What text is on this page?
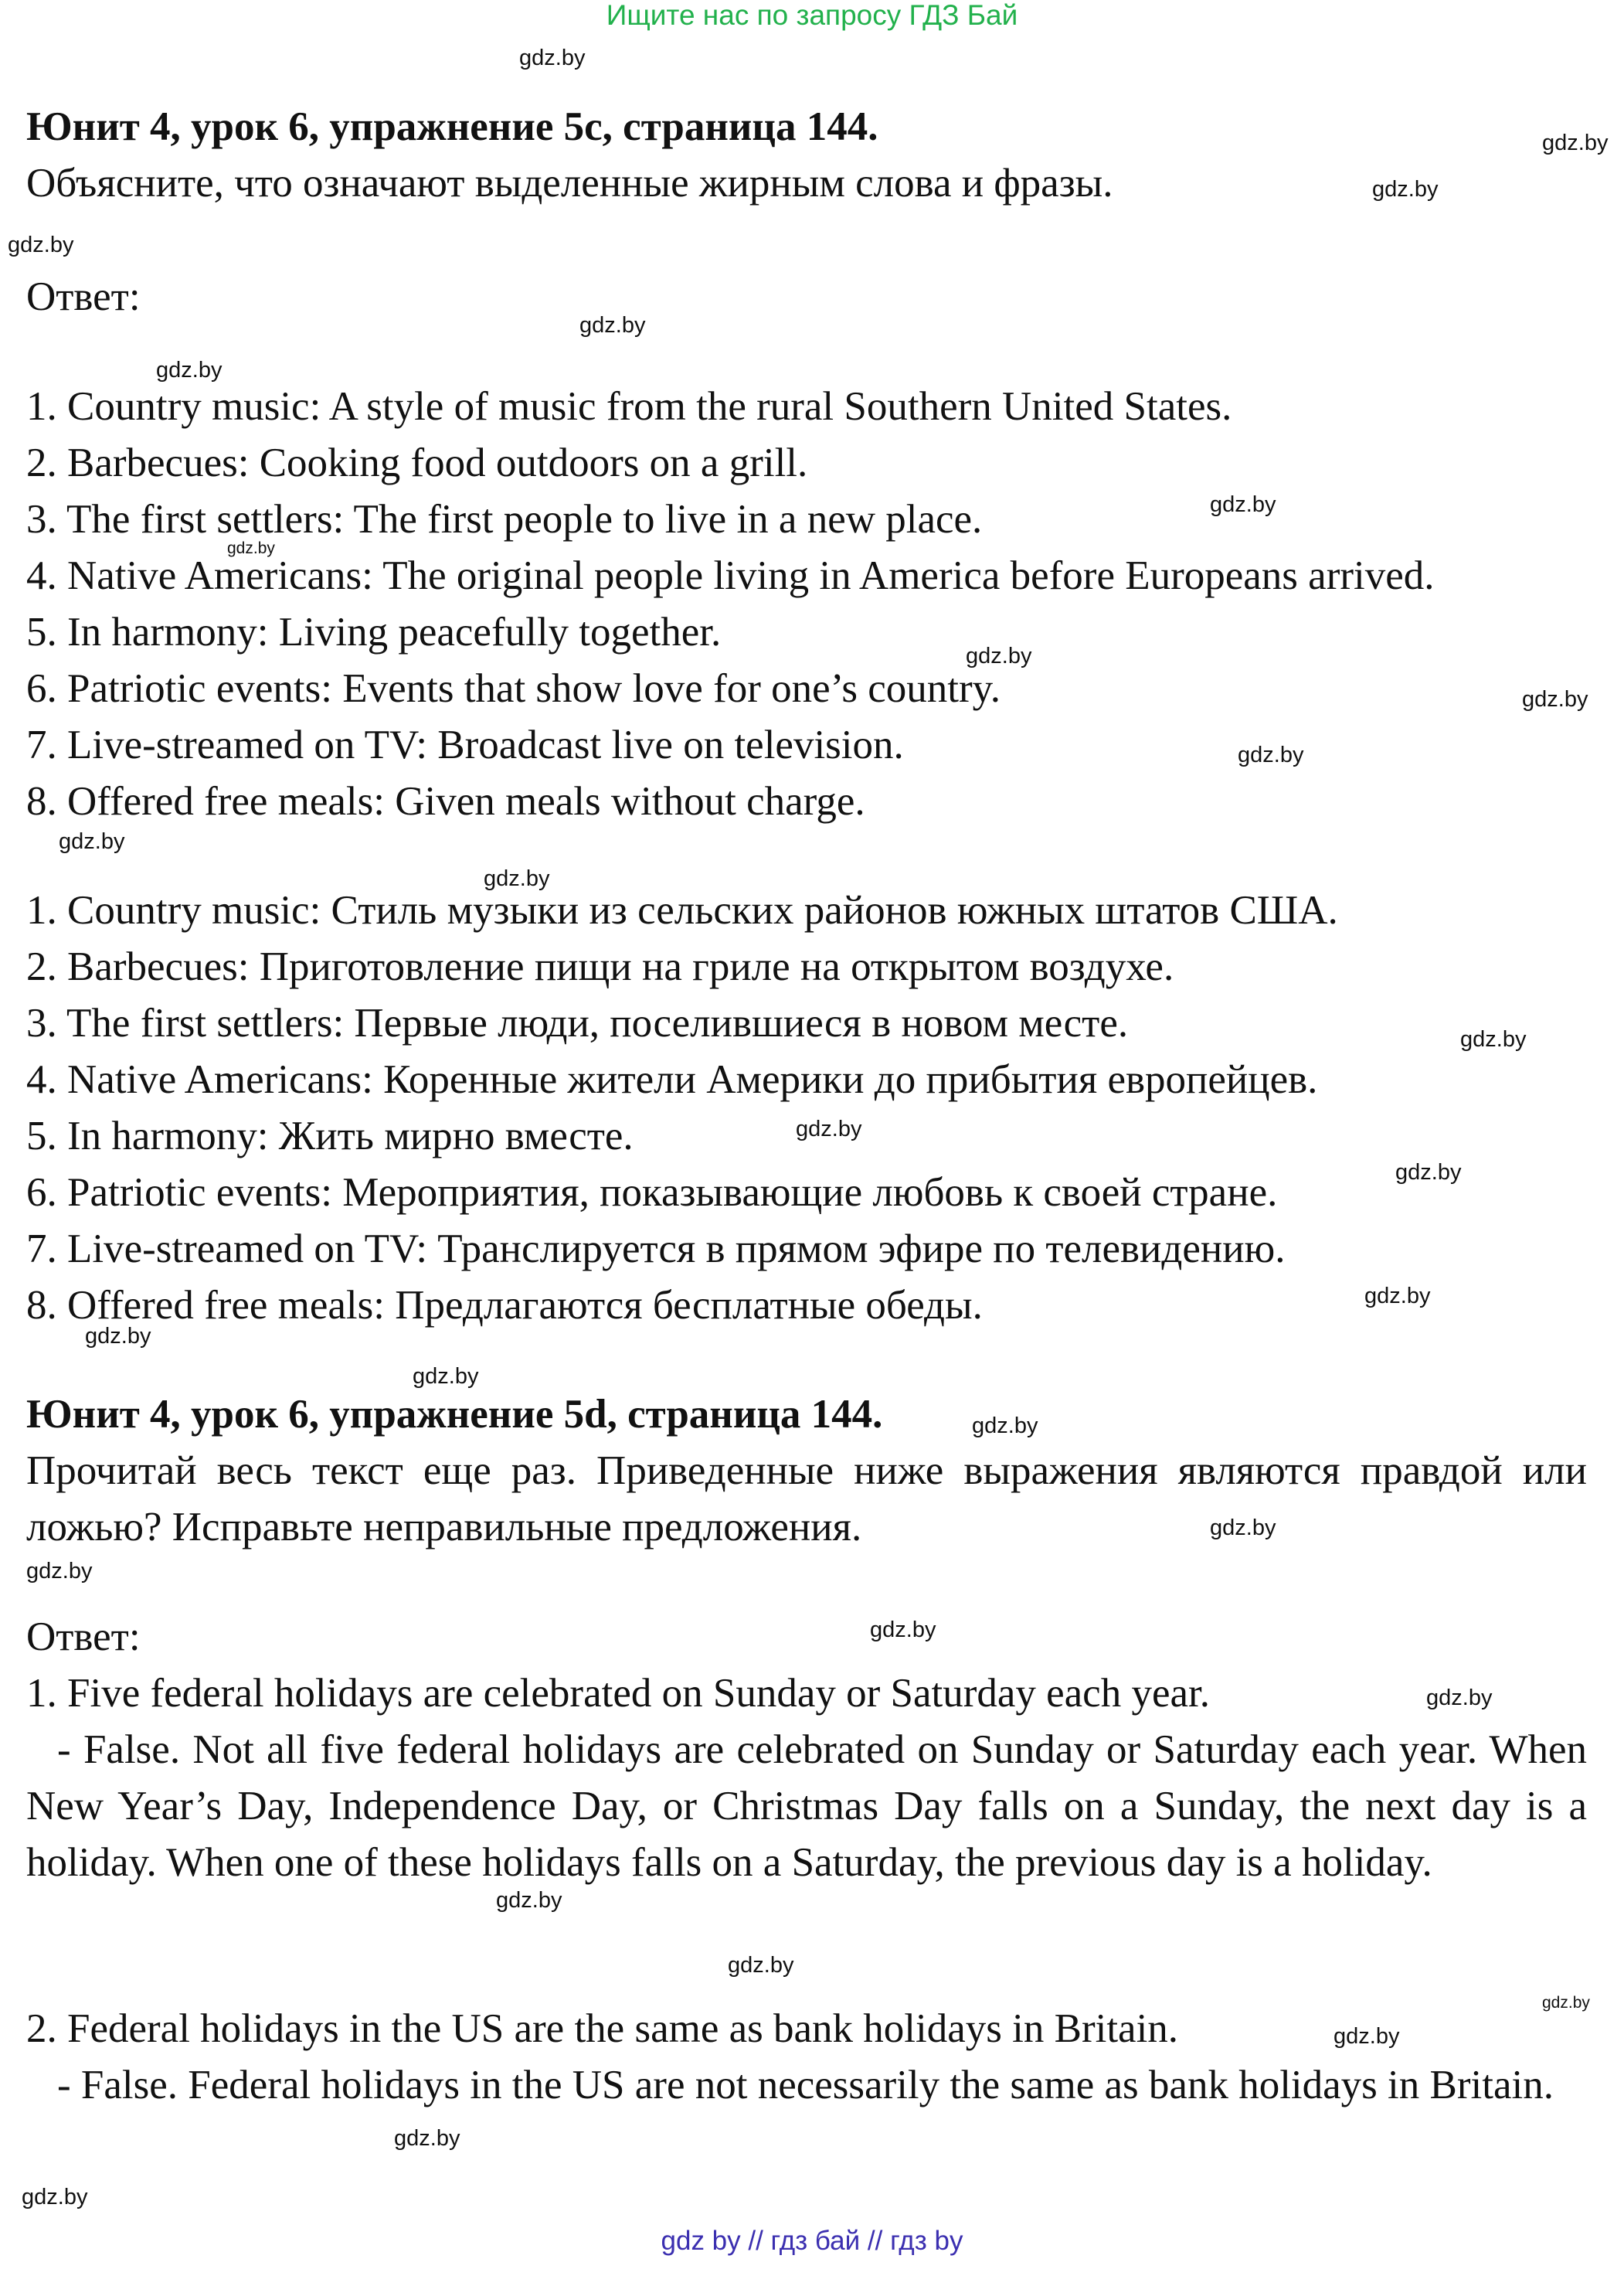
Ищите нас по запросу ГДЗ Бай
Юнит 4, урок 6, упражнение 5c, страница 144.
Объясните, что означают выделенные жирным слова и фразы.
Ответ:
1. Country music: A style of music from the rural Southern United States.
2. Barbecues: Cooking food outdoors on a grill.
3. The first settlers: The first people to live in a new place.
4. Native Americans: The original people living in America before Europeans arrived.
5. In harmony: Living peacefully together.
6. Patriotic events: Events that show love for one’s country.
7. Live-streamed on TV: Broadcast live on television.
8. Offered free meals: Given meals without charge.
1. Country music: Стиль музыки из сельских районов южных штатов США.
2. Barbecues: Приготовление пищи на гриле на открытом воздухе.
3. The first settlers: Первые люди, поселившиеся в новом месте.
4. Native Americans: Коренные жители Америки до прибытия европейцев.
5. In harmony: Жить мирно вместе.
6. Patriotic events: Мероприятия, показывающие любовь к своей стране.
7. Live-streamed on TV: Транслируется в прямом эфире по телевидению.
8. Offered free meals: Предлагаются бесплатные обеды.
Юнит 4, урок 6, упражнение 5d, страница 144.
Прочитай весь текст еще раз. Приведенные ниже выражения являются правдой или ложью? Исправьте неправильные предложения.
Ответ:
1. Five federal holidays are celebrated on Sunday or Saturday each year.
- False. Not all five federal holidays are celebrated on Sunday or Saturday each year. When New Year’s Day, Independence Day, or Christmas Day falls on a Sunday, the next day is a holiday. When one of these holidays falls on a Saturday, the previous day is a holiday.
2. Federal holidays in the US are the same as bank holidays in Britain.
- False. Federal holidays in the US are not necessarily the same as bank holidays in Britain.
gdz.by
gdz.by
gdz.by
gdz.by
gdz.by
gdz.by
gdz.by
gdz.by
gdz.by
gdz.by
gdz.by
gdz.by
gdz.by
gdz.by
gdz.by
gdz.by
gdz.by
gdz.by
gdz.by
gdz.by
gdz.by
gdz.by
gdz.by
gdz.by
gdz.by
gdz.by
gdz.by
gdz.by
gdz.by
gdz.by
gdz by // гдз бай // гдз by
